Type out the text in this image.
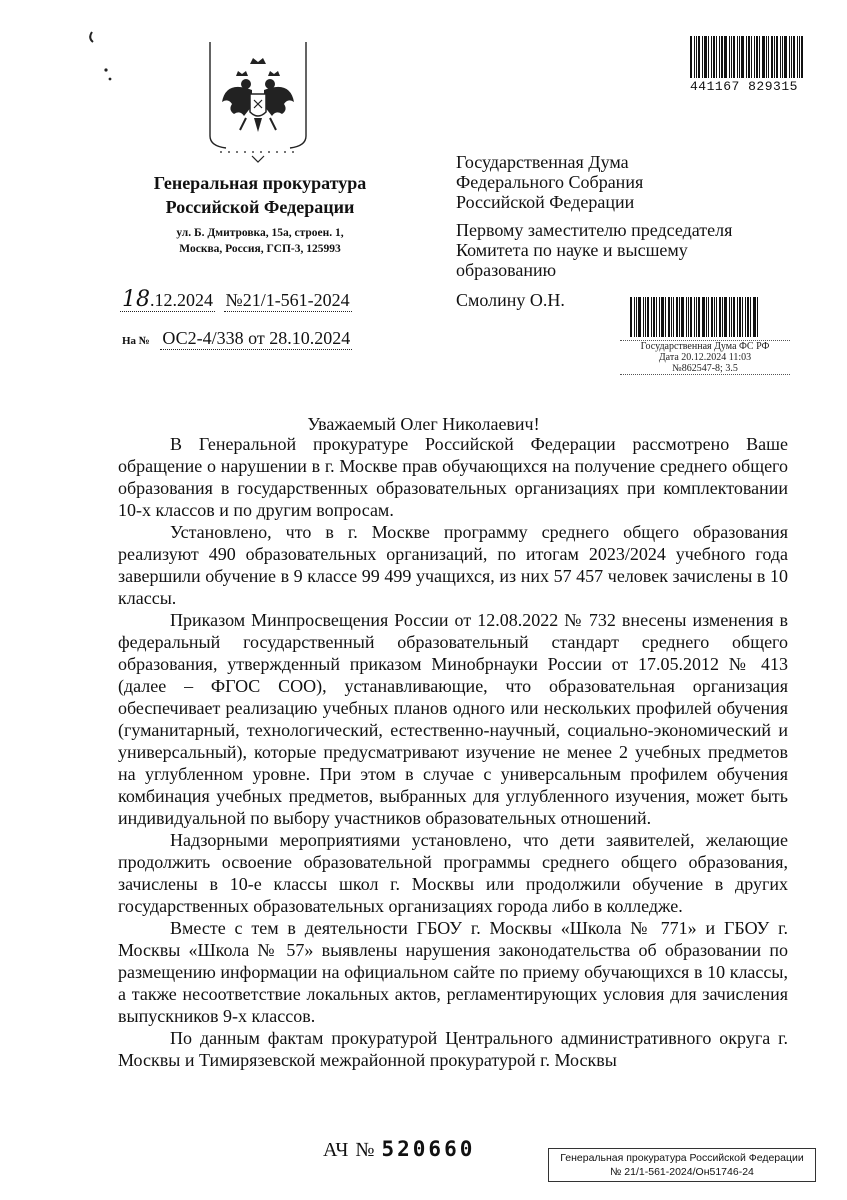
441167 829315
Генеральная прокуратура
Российской Федерации
ул. Б. Дмитровка, 15а, строен. 1,
Москва, Россия, ГСП-3, 125993
18.12.2024 №21/1-561-2024
На № ОС2-4/338 от 28.10.2024
Государственная Дума
Федерального Собрания
Российской Федерации
Первому заместителю председателя
Комитета по науке и высшему
образованию
Смолину О.Н.
Государственная Дума ФС РФ
Дата 20.12.2024 11:03
№862547-8; 3.5
Уважаемый Олег Николаевич!

В Генеральной прокуратуре Российской Федерации рассмотрено Ваше обращение о нарушении в г. Москве прав обучающихся на получение среднего общего образования в государственных образовательных организациях при комплектовании 10-х классов и по другим вопросам.

Установлено, что в г. Москве программу среднего общего образования реализуют 490 образовательных организаций, по итогам 2023/2024 учебного года завершили обучение в 9 классе 99 499 учащихся, из них 57 457 человек зачислены в 10 классы.

Приказом Минпросвещения России от 12.08.2022 № 732 внесены изменения в федеральный государственный образовательный стандарт среднего общего образования, утвержденный приказом Минобрнауки России от 17.05.2012 № 413 (далее – ФГОС СОО), устанавливающие, что образовательная организация обеспечивает реализацию учебных планов одного или нескольких профилей обучения (гуманитарный, технологический, естественно-научный, социально-экономический и универсальный), которые предусматривают изучение не менее 2 учебных предметов на углубленном уровне. При этом в случае с универсальным профилем обучения комбинация учебных предметов, выбранных для углубленного изучения, может быть индивидуальной по выбору участников образовательных отношений.

Надзорными мероприятиями установлено, что дети заявителей, желающие продолжить освоение образовательной программы среднего общего образования, зачислены в 10-е классы школ г. Москвы или продолжили обучение в других государственных образовательных организациях города либо в колледже.

Вместе с тем в деятельности ГБОУ г. Москвы «Школа № 771» и ГБОУ г. Москвы «Школа № 57» выявлены нарушения законодательства об образовании по размещению информации на официальном сайте по приему обучающихся в 10 классы, а также несоответствие локальных актов, регламентирующих условия для зачисления выпускников 9-х классов.

По данным фактам прокуратурой Центрального административного округа г. Москвы и Тимирязевской межрайонной прокуратурой г. Москвы

АЧ № 520660	Генеральная прокуратура Российской Федерации
№ 21/1-561-2024/Он51746-24
